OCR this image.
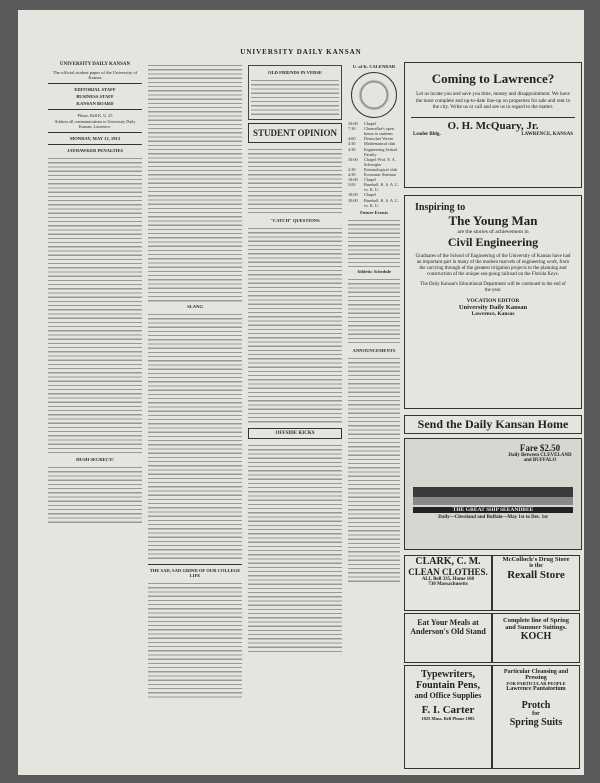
UNIVERSITY DAILY KANSAN
UNIVERSITY DAILY KANSAN
The official student paper of the University of Kansas
EDITORIAL STAFF
BUSINESS STAFF
KANSAN BOARD
Phone, Bell K. U. 25
Address all communications to University Daily Kansan, Lawrence.
MONDAY, MAY 12, 1913
JAYHAWKER PENALTIES
HUSH SECRECY!
SLANG
THE SAD, SAD GRIND OF OUR COLLEGE LIFE
OLD FRIENDS IN VERSE
STUDENT OPINION
"CATCH" QUESTIONS
OFFSIDE KICKS
U. of K. CALENDAR
10:00	Chapel
7:30	Chancellor's open house to students
4:00	Deutscher Verein
4:30	Mathematical club
4:30	Engineering School Faculty
10:00	Chapel: Prof. E. A. Schwegler
2:30	Entomological club
4:30	Economic Seminar
10:00	Chapel
3:00	Baseball: K. S. A. C. vs. K. U.
10:00	Chapel
10:00	Baseball: K. S. A. C. vs. K. U.
Future Events
Athletic Schedule
ANNOUNCEMENTS
Coming to Lawrence?
Let us locate you and save you time, money and disappointment. We have the most complete and up-to-date line-up on properties for sale and rent in the city. Write us or call and see us in regard to the matter.
O. H. McQuary, Jr.
Leader Bldg.	LAWRENCE, KANSAS
Inspiring to
The Young Man
are the stories of achievement in
Civil Engineering
Graduates of the School of Engineering of the University of Kansas have had an important part in many of the modern marvels of engineering work, from the carrying through of the greatest irrigation projects to the planning and construction of the unique sea-going railroad on the Florida Keys.
The Daily Kansan's Educational Department will be continued to the end of the year.
VOCATION EDITOR
University Daily Kansan
Lawrence, Kansas
Send the Daily Kansan Home
Fare $2.50
Daily Between CLEVELAND and BUFFALO
THE GREAT SHIP SEEANDBEE
Daily—Cleveland and Buffalo—May 1st to Dec. 1st
CLARK, C. M.
CLEAN CLOTHES.
ALL Bell 335, Home 160
730 Massachusetts
McColloch's Drug Store
is the
Rexall Store
Eat Your Meals at
Anderson's Old Stand
Complete line of Spring
and Summer Suitings.
KOCH
Typewriters,
Fountain Pens,
and Office Supplies
F. I. Carter
1025 Mass. Bell Phone 1085
Particular Cleansing and Pressing
FOR PARTICULAR PEOPLE
Lawrence Pantatorium
Protch
for
Spring Suits
